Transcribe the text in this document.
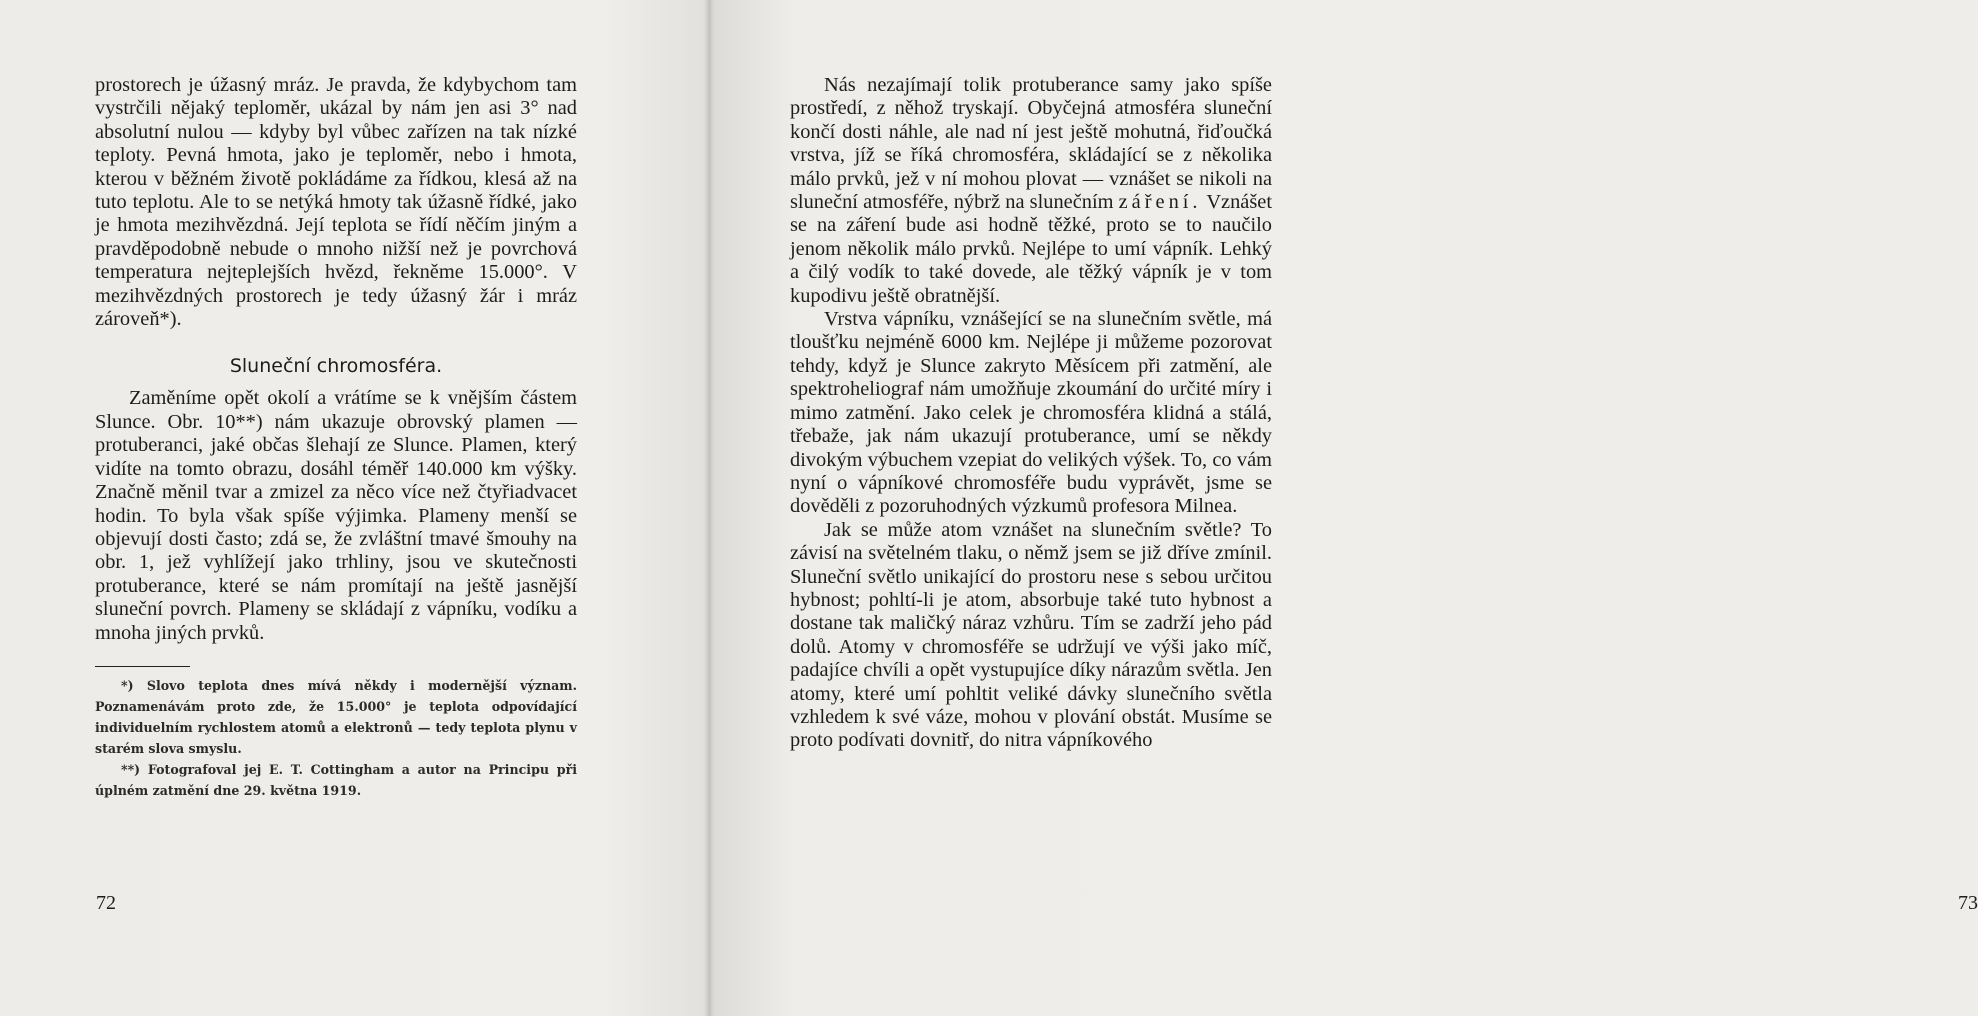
prostorech je úžasný mráz. Je pravda, že kdybychom tam vystrčili nějaký teploměr, ukázal by nám jen asi 3° nad absolutní nulou — kdyby byl vůbec zařízen na tak nízké teploty. Pevná hmota, jako je teploměr, nebo i hmota, kterou v běžném životě pokládáme za řídkou, klesá až na tuto teplotu. Ale to se netýká hmoty tak úžasně řídké, jako je hmota mezihvězdná. Její teplota se řídí něčím jiným a pravděpodobně nebude o mnoho nižší než je povrchová temperatura nejteplejších hvězd, řekněme 15.000°. V mezihvězdných prostorech je tedy úžasný žár i mráz zároveň*).

Sluneční chromosféra.

Zaměníme opět okolí a vrátíme se k vnějším částem Slunce. Obr. 10**) nám ukazuje obrovský plamen — protuberanci, jaké občas šlehají ze Slunce. Plamen, který vidíte na tomto obrazu, dosáhl téměř 140.000 km výšky. Značně měnil tvar a zmizel za něco více než čtyřiadvacet hodin. To byla však spíše výjimka. Plameny menší se objevují dosti často; zdá se, že zvláštní tmavé šmouhy na obr. 1, jež vyhlížejí jako trhliny, jsou ve skutečnosti protuberance, které se nám promítají na ještě jasnější sluneční povrch. Plameny se skládají z vápníku, vodíku a mnoha jiných prvků.

*) Slovo teplota dnes mívá někdy i modernější význam. Poznamenávám proto zde, že 15.000° je teplota odpovídající individuelním rychlostem atomů a elektronů — tedy teplota plynu v starém slova smyslu.

**) Fotografoval jej E. T. Cottingham a autor na Principu při úplném zatmění dne 29. května 1919.

72	73

Nás nezajímají tolik protuberance samy jako spíše prostředí, z něhož tryskají. Obyčejná atmosféra sluneční končí dosti náhle, ale nad ní jest ještě mohutná, řiďoučká vrstva, jíž se říká chromosféra, skládající se z několika málo prvků, jež v ní mohou plovat — vznášet se nikoli na sluneční atmosféře, nýbrž na slunečním záření. Vznášet se na záření bude asi hodně těžké, proto se to naučilo jenom několik málo prvků. Nejlépe to umí vápník. Lehký a čilý vodík to také dovede, ale těžký vápník je v tom kupodivu ještě obratnější.

Vrstva vápníku, vznášející se na slunečním světle, má tloušťku nejméně 6000 km. Nejlépe ji můžeme pozorovat tehdy, když je Slunce zakryto Měsícem při zatmění, ale spektroheliograf nám umožňuje zkoumání do určité míry i mimo zatmění. Jako celek je chromosféra klidná a stálá, třebaže, jak nám ukazují protuberance, umí se někdy divokým výbuchem vzepiat do velikých výšek. To, co vám nyní o vápníkové chromosféře budu vyprávět, jsme se dověděli z pozoruhodných výzkumů profesora Milnea.

Jak se může atom vznášet na slunečním světle? To závisí na světelném tlaku, o němž jsem se již dříve zmínil. Sluneční světlo unikající do prostoru nese s sebou určitou hybnost; pohltí-li je atom, absorbuje také tuto hybnost a dostane tak maličký náraz vzhůru. Tím se zadrží jeho pád dolů. Atomy v chromosféře se udržují ve výši jako míč, padajíce chvíli a opět vystupujíce díky nárazům světla. Jen atomy, které umí pohltit veliké dávky slunečního světla vzhledem k své váze, mohou v plování obstát. Musíme se proto podívati dovnitř, do nitra vápníkového
